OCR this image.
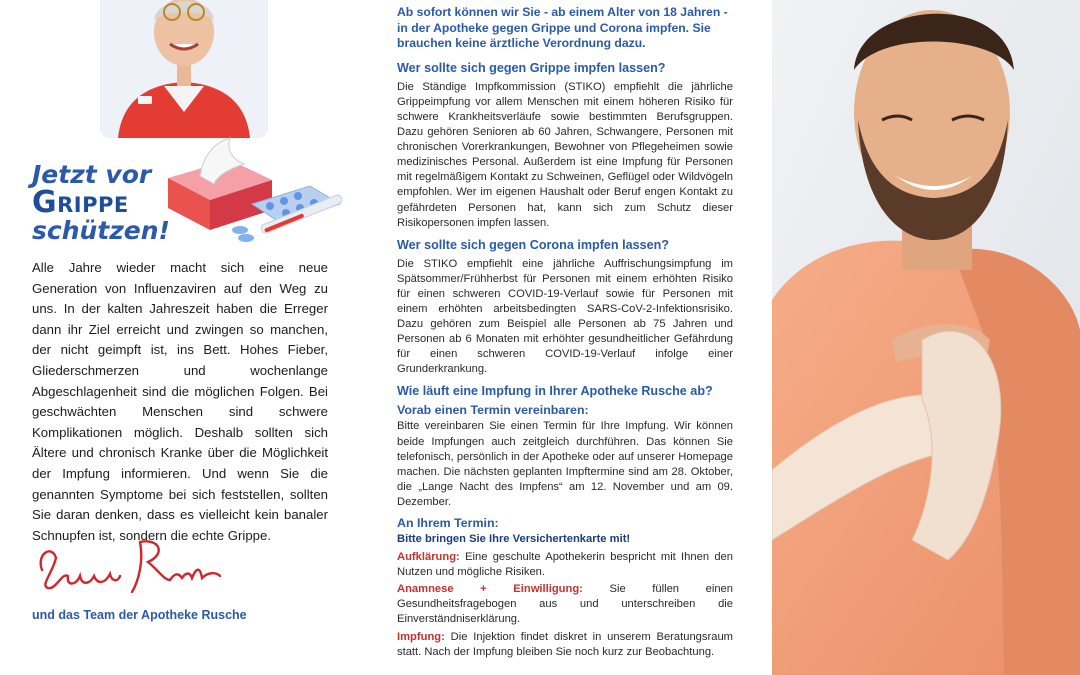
Jetzt vor
Grippe
schützen!
Alle Jahre wieder macht sich eine neue Generation von Influenzaviren auf den Weg zu uns. In der kalten Jahreszeit haben die Erreger dann ihr Ziel erreicht und zwingen so manchen, der nicht geimpft ist, ins Bett. Hohes Fieber, Gliederschmerzen und wochenlange Abgeschlagenheit sind die möglichen Folgen. Bei geschwächten Menschen sind schwere Komplikationen möglich. Deshalb sollten sich Ältere und chronisch Kranke über die Möglichkeit der Impfung informieren. Und wenn Sie die genannten Symptome bei sich feststellen, sollten Sie daran denken, dass es vielleicht kein banaler Schnupfen ist, sondern die echte Grippe.
und das Team der Apotheke Rusche
Ab sofort können wir Sie - ab einem Alter von 18 Jahren - in der Apotheke gegen Grippe und Corona impfen. Sie brauchen keine ärztliche Verordnung dazu.
Wer sollte sich gegen Grippe impfen lassen?

Die Ständige Impfkommission (STIKO) empfiehlt die jährliche Grippeimpfung vor allem Menschen mit einem höheren Risiko für schwere Krankheitsverläufe sowie bestimmten Berufsgruppen. Dazu gehören Senioren ab 60 Jahren, Schwangere, Personen mit chronischen Vorerkrankungen, Bewohner von Pflegeheimen sowie medizinisches Personal. Außerdem ist eine Impfung für Personen mit regelmäßigem Kontakt zu Schweinen, Geflügel oder Wildvögeln empfohlen. Wer im eigenen Haushalt oder Beruf engen Kontakt zu gefährdeten Personen hat, kann sich zum Schutz dieser Risikopersonen impfen lassen.

Wer sollte sich gegen Corona impfen lassen?

Die STIKO empfiehlt eine jährliche Auffrischungsimpfung im Spätsommer/Frühherbst für Personen mit einem erhöhten Risiko für einen schweren COVID-19-Verlauf sowie für Personen mit einem erhöhten arbeitsbedingten SARS-CoV-2-Infektionsrisiko. Dazu gehören zum Beispiel alle Personen ab 75 Jahren und Personen ab 6 Monaten mit erhöhter gesundheitlicher Gefährdung für einen schweren COVID-19-Verlauf infolge einer Grunderkrankung.

Wie läuft eine Impfung in Ihrer Apotheke Rusche ab?
Vorab einen Termin vereinbaren:

Bitte vereinbaren Sie einen Termin für Ihre Impfung. Wir können beide Impfungen auch zeitgleich durchführen. Das können Sie telefonisch, persönlich in der Apotheke oder auf unserer Homepage machen. Die nächsten geplanten Impftermine sind am 28. Oktober, die „Lange Nacht des Impfens“ am 12. November und am 09. Dezember.

An Ihrem Termin:
Bitte bringen Sie Ihre Versichertenkarte mit!
Aufklärung: Eine geschulte Apothekerin bespricht mit Ihnen den Nutzen und mögliche Risiken.
Anamnese + Einwilligung: Sie füllen einen Gesundheitsfragebogen aus und unterschreiben die Einverständniserklärung.
Impfung: Die Injektion findet diskret in unserem Beratungsraum statt. Nach der Impfung bleiben Sie noch kurz zur Beobachtung.
